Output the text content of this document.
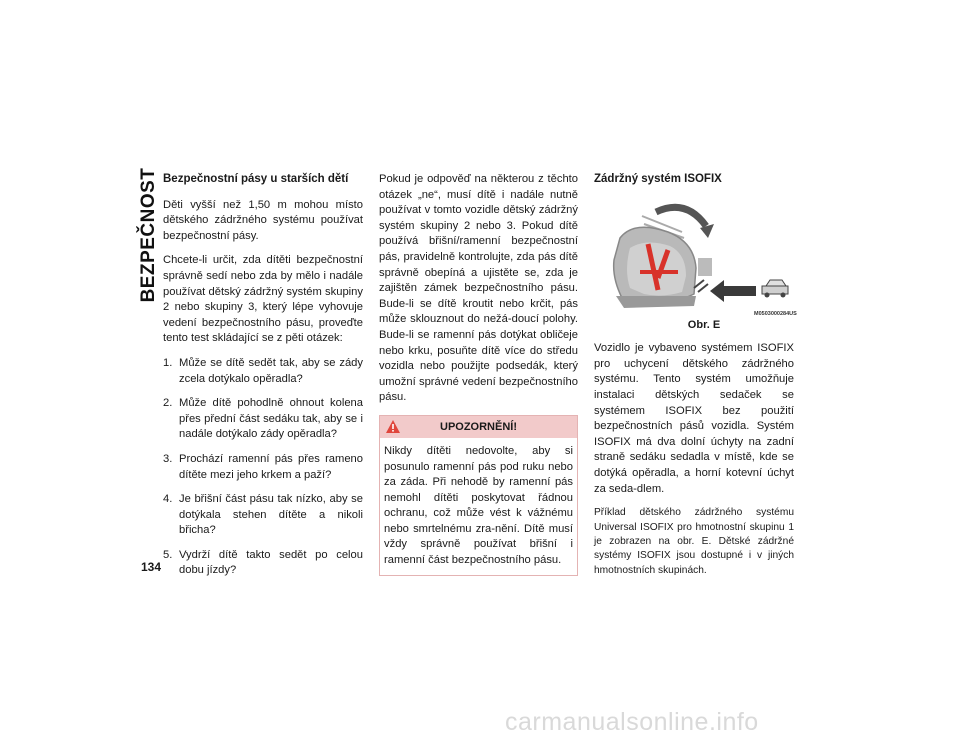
BEZPEČNOST Bezpečnostní pásy u starších dětí

Děti vyšší než 1,50 m mohou místo dětského zádržného systému používat bezpečnostní pásy.

Chcete-li určit, zda dítěti bezpečnostní správně sedí nebo zda by mělo i nadále používat dětský zádržný systém skupiny 2 nebo skupiny 3, který lépe vyhovuje vedení bezpečnostního pásu, proveďte tento test skládající se z pěti otázek:

1. Může se dítě sedět tak, aby se zády zcela dotýkalo opěradla?
2. Může dítě pohodlně ohnout kolena přes přední část sedáku tak, aby se i nadále dotýkalo zády opěradla?
3. Prochází ramenní pás přes rameno dítěte mezi jeho krkem a paží?
4. Je břišní část pásu tak nízko, aby se dotýkala stehen dítěte a nikoli břicha?
5. Vydrží dítě takto sedět po celou dobu jízdy?

Pokud je odpověď na některou z těchto otázek „ne“, musí dítě i nadále nutně používat v tomto vozidle dětský zádržný systém skupiny 2 nebo 3. Pokud dítě používá břišní/ramenní bezpečnostní pás, pravidelně kontrolujte, zda pás dítě správně obepíná a ujistěte se, zda je zajištěn zámek bezpečnostního pásu. Bude-li se dítě kroutit nebo krčit, pás může sklouznout do nežá-doucí polohy. Bude-li se ramenní pás dotýkat obličeje nebo krku, posuňte dítě více do středu vozidla nebo použijte podsedák, který umožní správné vedení bezpečnostního pásu.

UPOZORNĚNÍ!
Nikdy dítěti nedovolte, aby si posunulo ramenní pás pod ruku nebo za záda. Při nehodě by ramenní pás nemohl dítěti poskytovat řádnou ochranu, což může vést k vážnému nebo smrtelnému zra-nění. Dítě musí vždy správně používat břišní i ramenní část bezpečnostního pásu.
Zádržný systém ISOFIX
M0503000284US
Obr. E

Vozidlo je vybaveno systémem ISOFIX pro uchycení dětského zádržného systému. Tento systém umožňuje instalaci dětských sedaček se systémem ISOFIX bez použití bezpečnostních pásů vozidla. Systém ISOFIX má dva dolní úchyty na zadní straně sedáku sedadla v místě, kde se dotýká opěradla, a horní kotevní úchyt za seda-dlem.

Příklad dětského zádržného systému Universal ISOFIX pro hmotnostní skupinu 1 je zobrazen na obr. E. Dětské zádržné systémy ISOFIX jsou dostupné i v jiných hmotnostních skupinách.

134
carmanualsonline.info
